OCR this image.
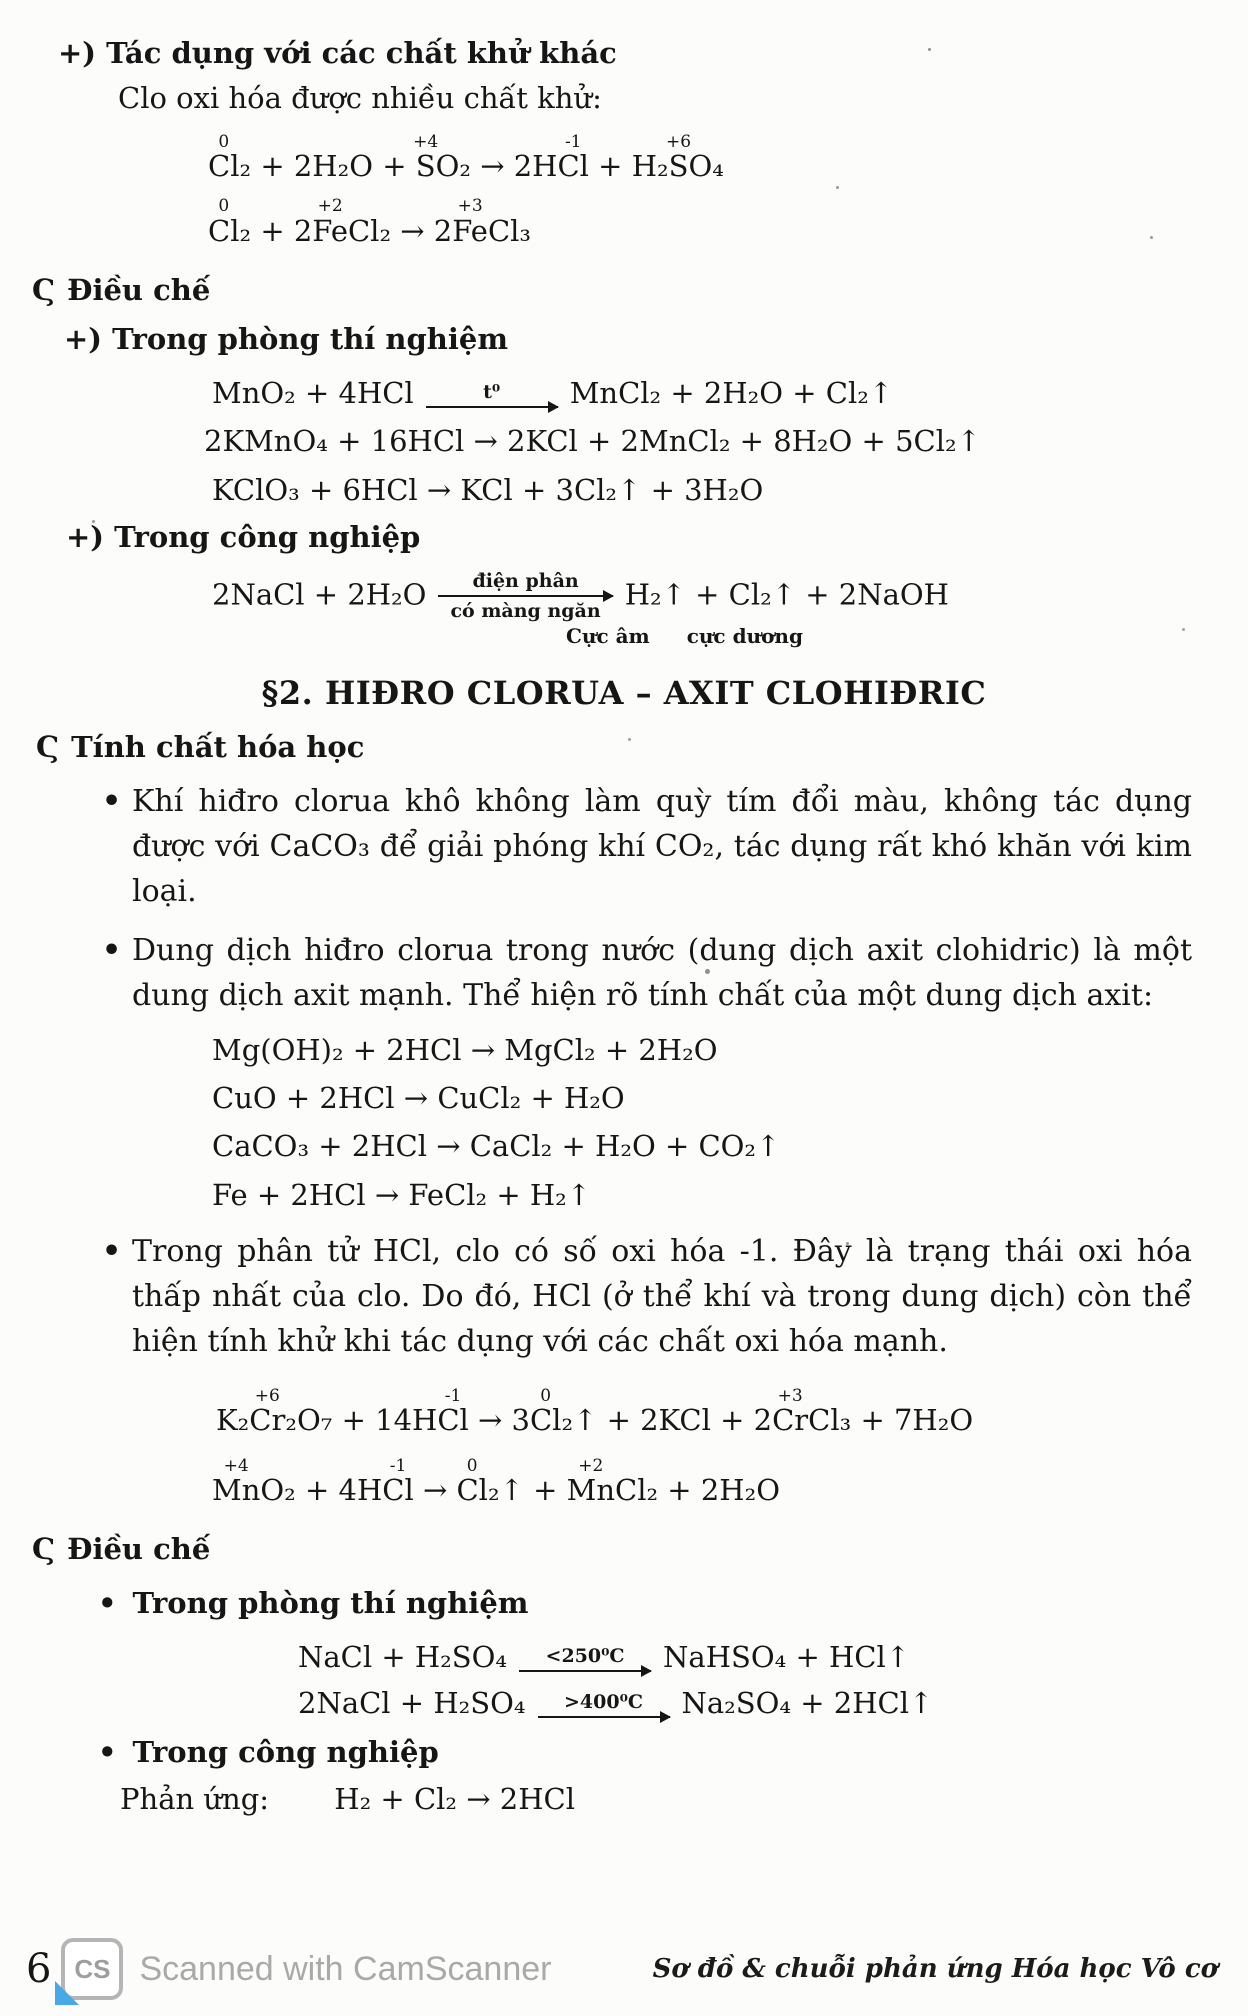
+) Tác dụng với các chất khử khác
Clo oxi hóa được nhiều chất khử:
0
Cl₂ + 2H₂O +
+4
SO₂ → 2H
-1
Cl + H₂
+6
SO₄
0
Cl₂ + 2
+2
FeCl₂ → 2
+3
FeCl₃
Ϛ Điều chế
+) Trong phòng thí nghiệm
MnO₂ + 4HCl	t⁰	MnCl₂ + 2H₂O + Cl₂↑
2KMnO₄ + 16HCl → 2KCl + 2MnCl₂ + 8H₂O + 5Cl₂↑
KClO₃ + 6HCl → KCl + 3Cl₂↑ + 3H₂O
+) Trong công nghiệp
2NaCl + 2H₂O	điện phân
có màng ngăn H₂↑ + Cl₂↑ + 2NaOH
Cực âm cực dương
§2. HIĐRO CLORUA – AXIT CLOHIĐRIC
Ϛ Tính chất hóa học
• Khí hiđro clorua khô không làm quỳ tím đổi màu, không tác dụng được với CaCO₃ để giải phóng khí CO₂, tác dụng rất khó khăn với kim loại.
• Dung dịch hiđro clorua trong nước (dung dịch axit clohidric) là một dung dịch axit mạnh. Thể hiện rõ tính chất của một dung dịch axit:
Mg(OH)₂ + 2HCl → MgCl₂ + 2H₂O
CuO + 2HCl → CuCl₂ + H₂O
CaCO₃ + 2HCl → CaCl₂ + H₂O + CO₂↑
Fe + 2HCl → FeCl₂ + H₂↑
• Trong phân tử HCl, clo có số oxi hóa -1. Đây là trạng thái oxi hóa thấp nhất của clo. Do đó, HCl (ở thể khí và trong dung dịch) còn thể hiện tính khử khi tác dụng với các chất oxi hóa mạnh.
K₂
+6
Cr₂O₇ + 14H
-1
Cl → 3
0
Cl₂↑ + 2KCl + 2
+3
CrCl₃ + 7H₂O
+4
MnO₂ + 4H
-1
Cl →
0
Cl₂↑ +
+2
MnCl₂ + 2H₂O
Ϛ Điều chế
• Trong phòng thí nghiệm
NaCl + H₂SO₄	<250⁰C	NaHSO₄ + HCl↑
2NaCl + H₂SO₄	>400⁰C	Na₂SO₄ + 2HCl↑
• Trong công nghiệp
Phản ứng: H₂ + Cl₂ → 2HCl
6 CS Scanned with CamScanner	Sơ đồ & chuỗi phản ứng Hóa học Vô cơ
